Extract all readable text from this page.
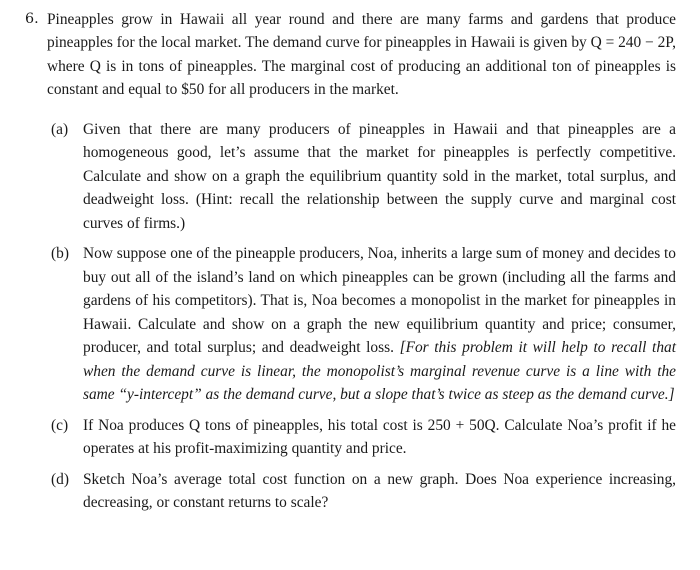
6. Pineapples grow in Hawaii all year round and there are many farms and gardens that produce pineapples for the local market. The demand curve for pineapples in Hawaii is given by Q = 240 − 2P, where Q is in tons of pineapples. The marginal cost of producing an additional ton of pineapples is constant and equal to $50 for all producers in the market.

(a) Given that there are many producers of pineapples in Hawaii and that pineapples are a homogeneous good, let’s assume that the market for pineapples is perfectly competitive. Calculate and show on a graph the equilibrium quantity sold in the market, total surplus, and deadweight loss. (Hint: recall the relationship between the supply curve and marginal cost curves of firms.)

(b) Now suppose one of the pineapple producers, Noa, inherits a large sum of money and decides to buy out all of the island’s land on which pineapples can be grown (including all the farms and gardens of his competitors). That is, Noa becomes a monopolist in the market for pineapples in Hawaii. Calculate and show on a graph the new equilibrium quantity and price; consumer, producer, and total surplus; and deadweight loss. [For this problem it will help to recall that when the demand curve is linear, the monopolist’s marginal revenue curve is a line with the same “y-intercept” as the demand curve, but a slope that’s twice as steep as the demand curve.]

(c) If Noa produces Q tons of pineapples, his total cost is 250 + 50Q. Calculate Noa’s profit if he operates at his profit-maximizing quantity and price.

(d) Sketch Noa’s average total cost function on a new graph. Does Noa experience increasing, decreasing, or constant returns to scale?
